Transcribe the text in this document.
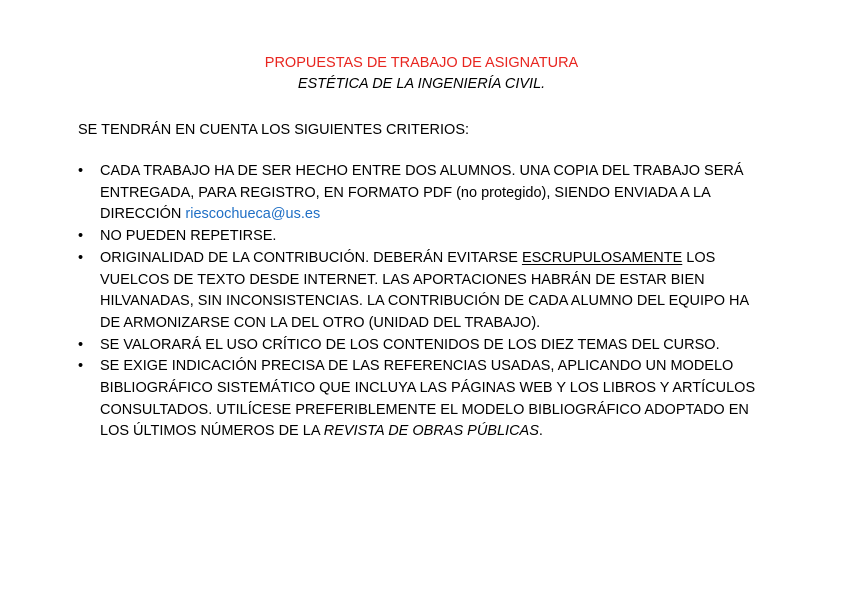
PROPUESTAS DE TRABAJO DE ASIGNATURA
ESTÉTICA DE LA INGENIERÍA CIVIL.

SE TENDRÁN EN CUENTA LOS SIGUIENTES CRITERIOS:

•	CADA TRABAJO HA DE SER HECHO ENTRE DOS ALUMNOS. UNA COPIA DEL TRABAJO SERÁ ENTREGADA, PARA REGISTRO, EN FORMATO PDF (no protegido), SIENDO ENVIADA A LA DIRECCIÓN riescochueca@us.es
•	NO PUEDEN REPETIRSE.
•	ORIGINALIDAD DE LA CONTRIBUCIÓN. DEBERÁN EVITARSE ESCRUPULOSAMENTE LOS VUELCOS DE TEXTO DESDE INTERNET. LAS APORTACIONES HABRÁN DE ESTAR BIEN HILVANADAS, SIN INCONSISTENCIAS. LA CONTRIBUCIÓN DE CADA ALUMNO DEL EQUIPO HA DE ARMONIZARSE CON LA DEL OTRO (UNIDAD DEL TRABAJO).
•	SE VALORARÁ EL USO CRÍTICO DE LOS CONTENIDOS DE LOS DIEZ TEMAS DEL CURSO.
•	SE EXIGE INDICACIÓN PRECISA DE LAS REFERENCIAS USADAS, APLICANDO UN MODELO BIBLIOGRÁFICO SISTEMÁTICO QUE INCLUYA LAS PÁGINAS WEB Y LOS LIBROS Y ARTÍCULOS CONSULTADOS. UTILÍCESE PREFERIBLEMENTE EL MODELO BIBLIOGRÁFICO ADOPTADO EN LOS ÚLTIMOS NÚMEROS DE LA REVISTA DE OBRAS PÚBLICAS.
